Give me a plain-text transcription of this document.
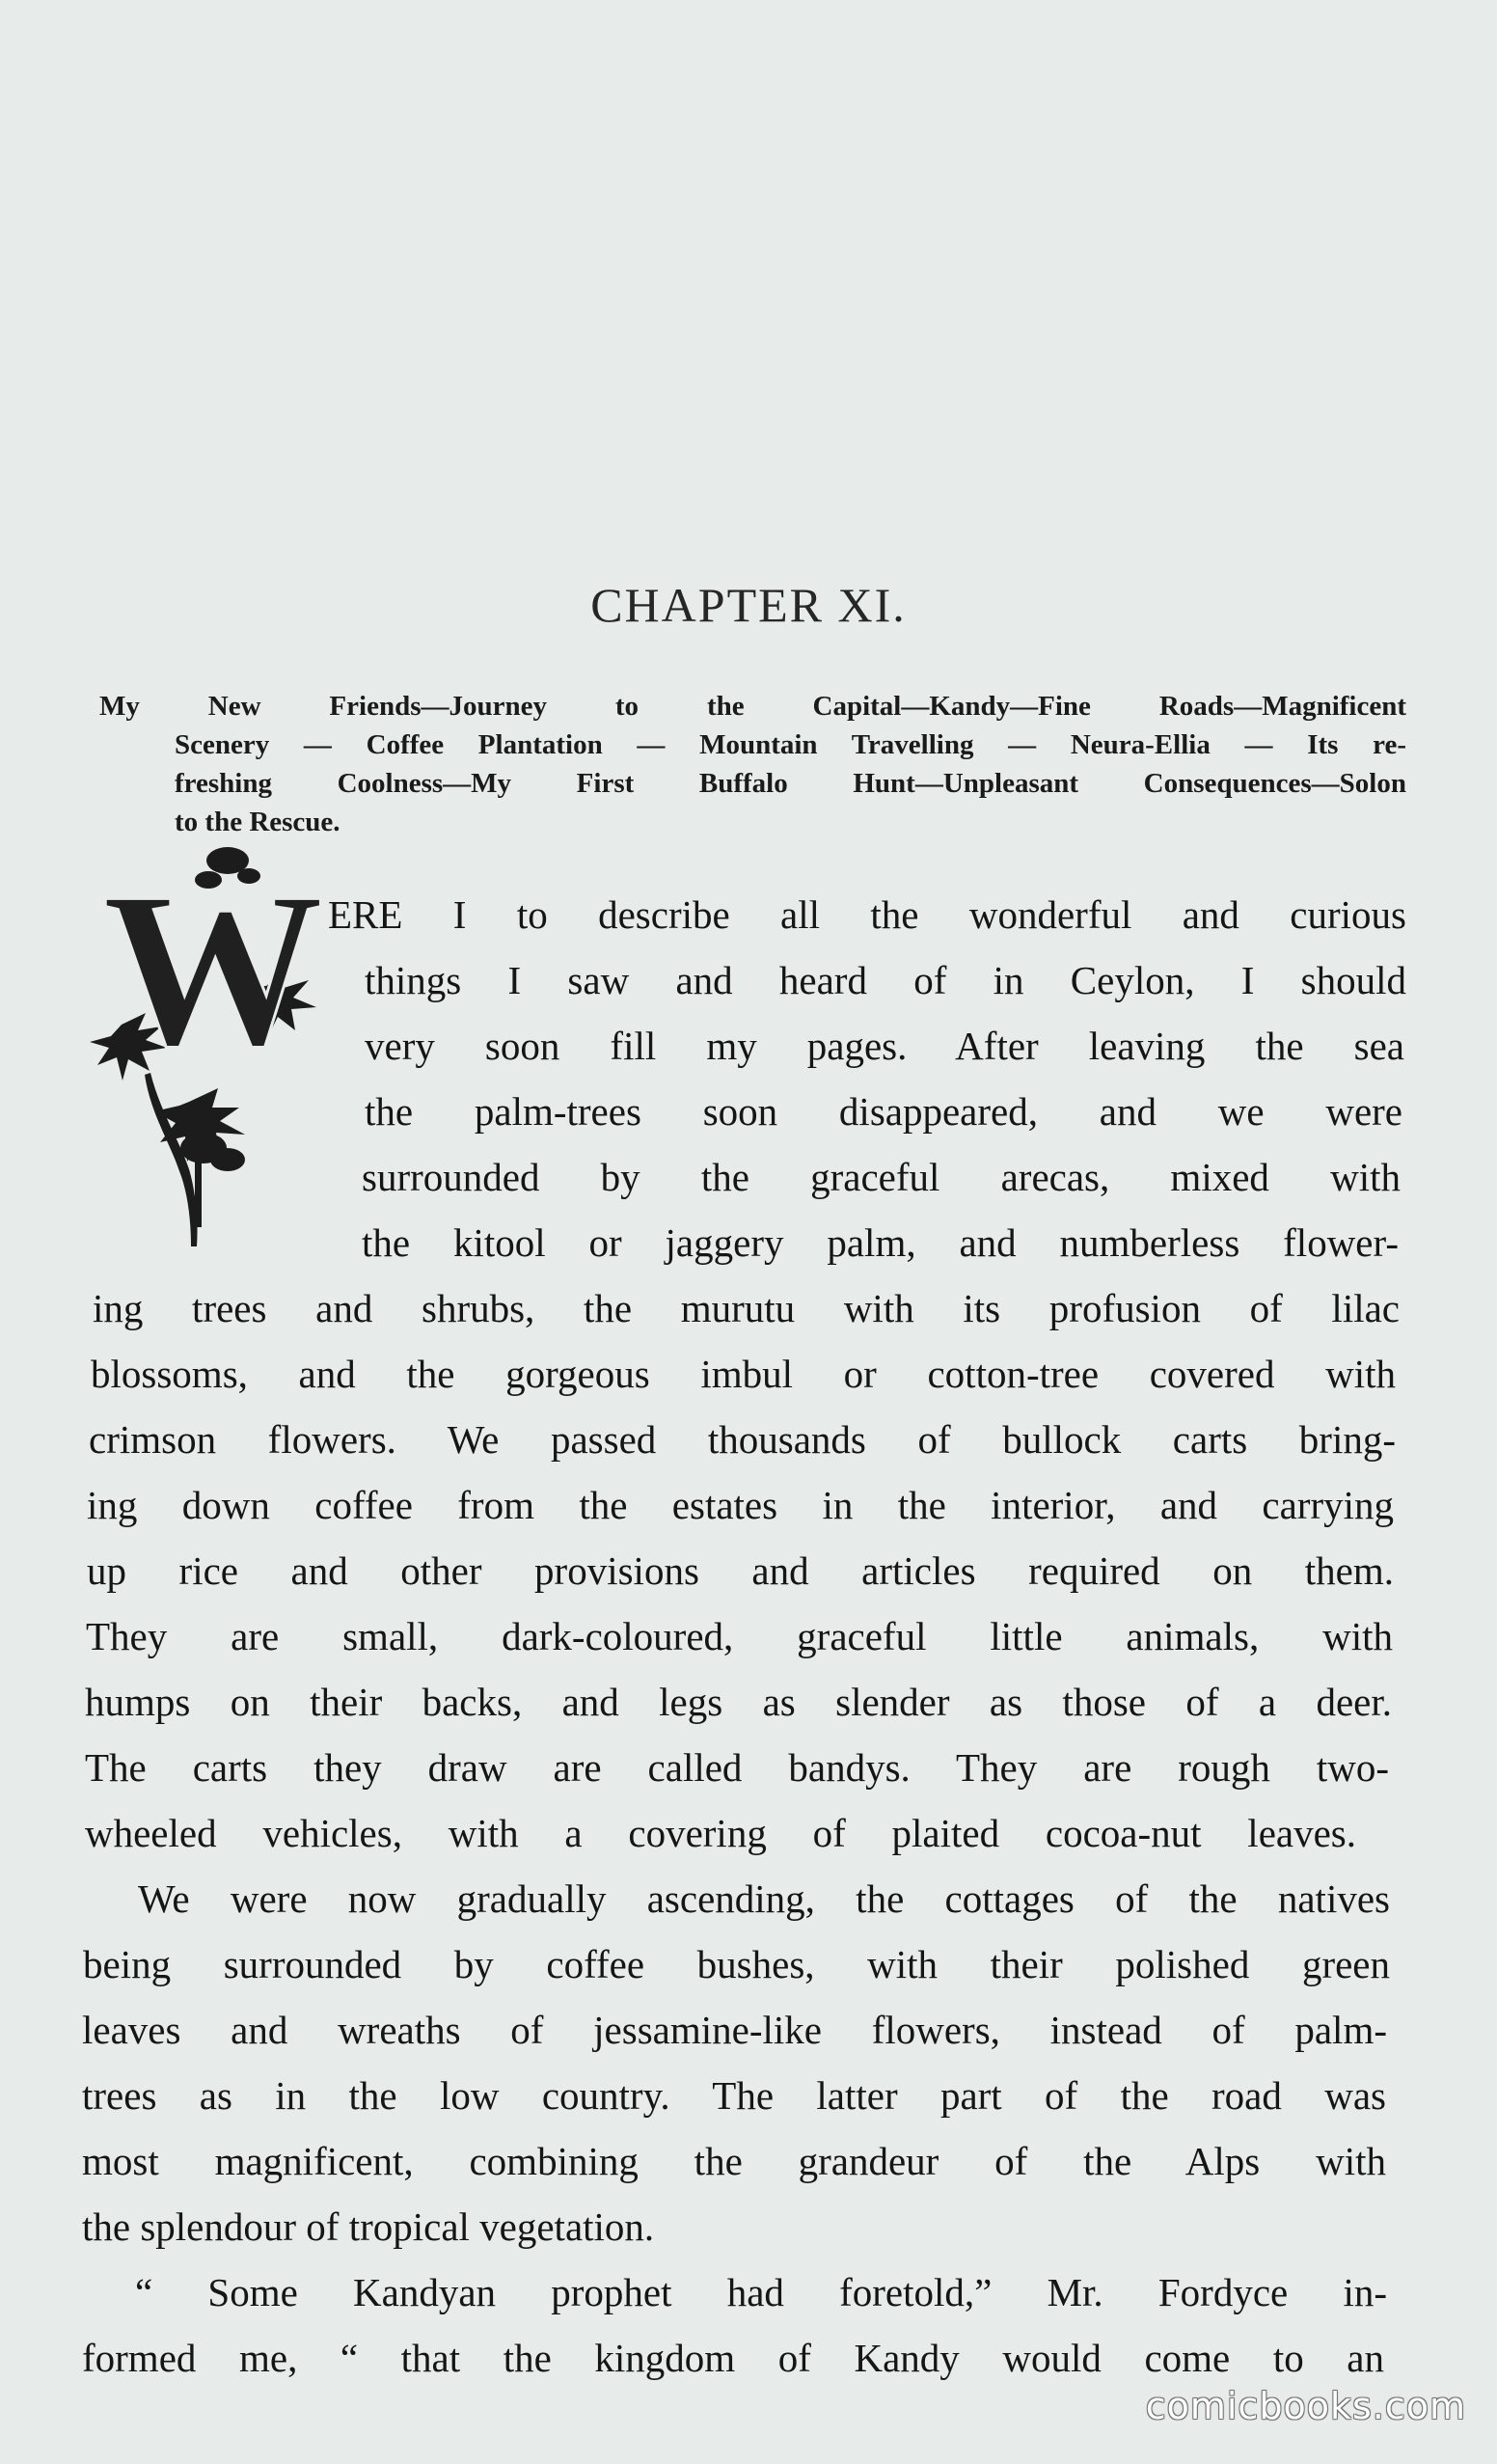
CHAPTER XI.
My New Friends—Journey to the Capital—Kandy—Fine Roads—Magnificent
Scenery — Coffee Plantation — Mountain Travelling — Neura-Ellia — Its re-
freshing Coolness—My First Buffalo Hunt—Unpleasant Consequences—Solon
to the Rescue.
W ERE I to describe all the wonderful and curious
things I saw and heard of in Ceylon, I should
very soon fill my pages. After leaving the sea
the palm-trees soon disappeared, and we were
surrounded by the graceful arecas, mixed with
the kitool or jaggery palm, and numberless flower-
ing trees and shrubs, the murutu with its profusion of lilac
blossoms, and the gorgeous imbul or cotton-tree covered with
crimson flowers. We passed thousands of bullock carts bring-
ing down coffee from the estates in the interior, and carrying
up rice and other provisions and articles required on them.
They are small, dark-coloured, graceful little animals, with
humps on their backs, and legs as slender as those of a deer.
The carts they draw are called bandys. They are rough two-
wheeled vehicles, with a covering of plaited cocoa-nut leaves.
We were now gradually ascending, the cottages of the natives
being surrounded by coffee bushes, with their polished green
leaves and wreaths of jessamine-like flowers, instead of palm-
trees as in the low country. The latter part of the road was
most magnificent, combining the grandeur of the Alps with
the splendour of tropical vegetation.
“ Some Kandyan prophet had foretold,” Mr. Fordyce in-
formed me, “ that the kingdom of Kandy would come to an
comicbooks.com
